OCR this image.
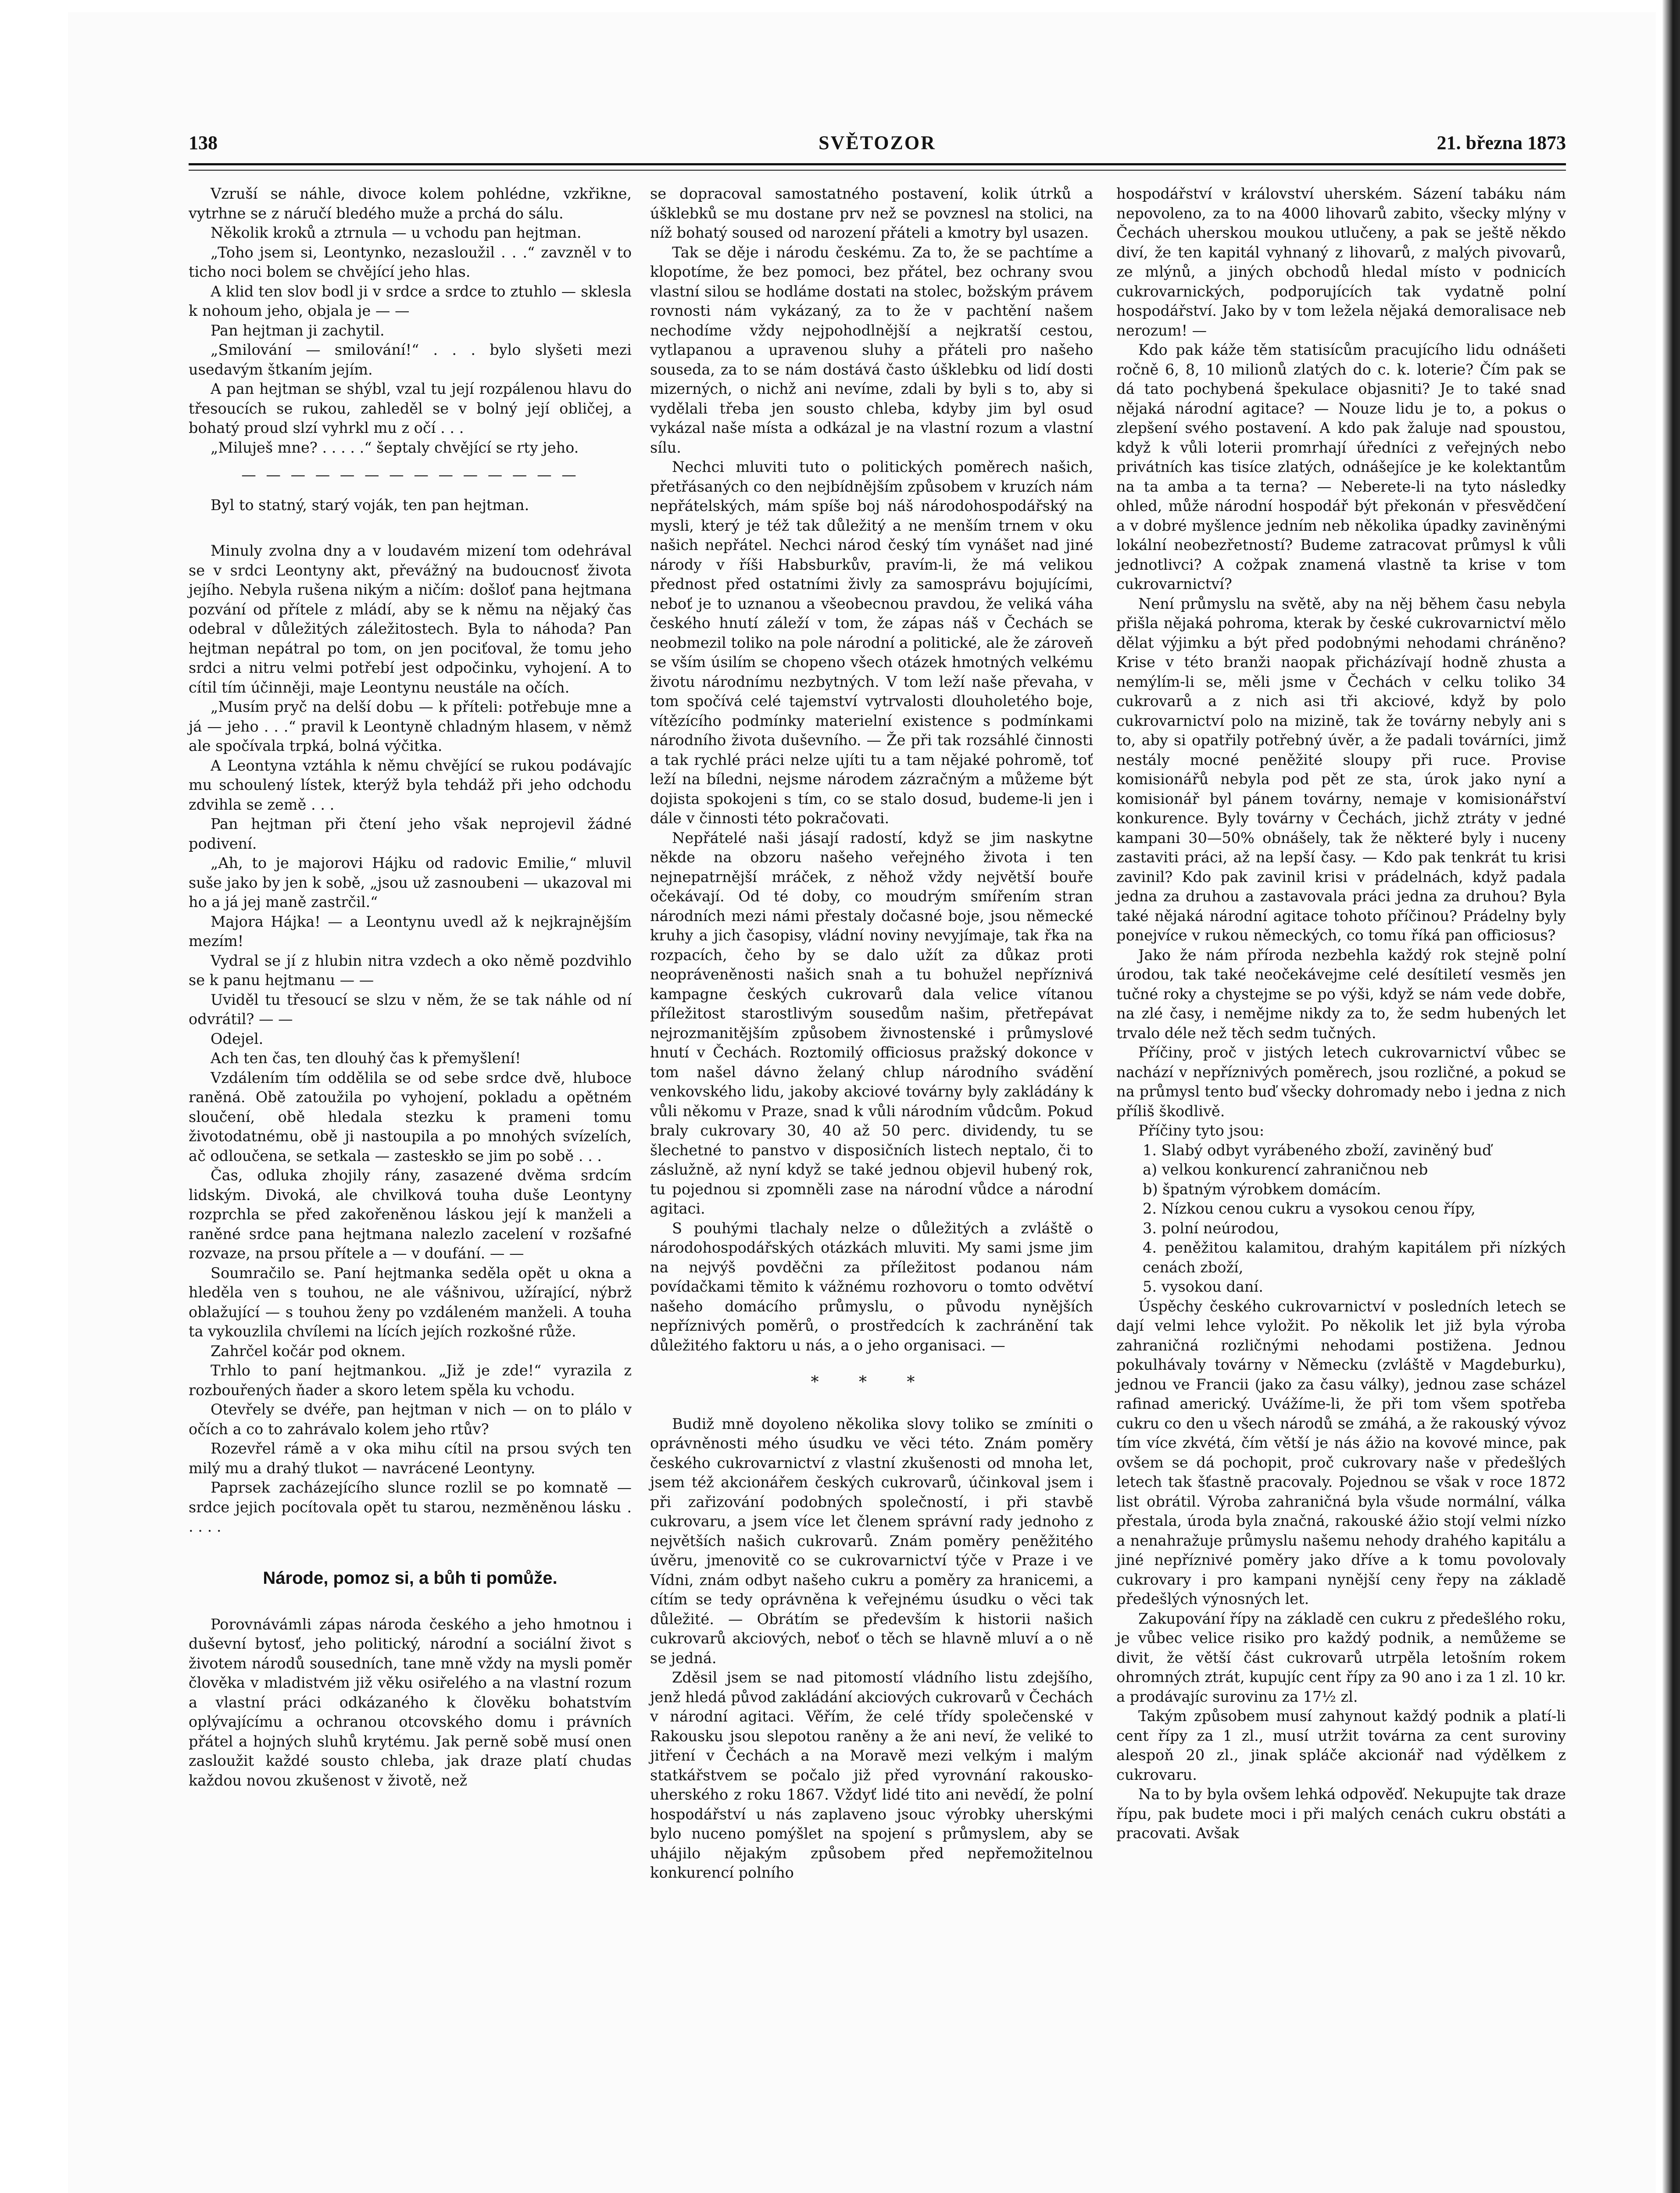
138	SVĚTOZOR	21. března 1873

Vzruší se náhle, divoce kolem pohlédne, vzkřikne, vytrhne se z náručí bledého muže a prchá do sálu.

Několik kroků a ztrnula — u vchodu pan hejtman.

„Toho jsem si, Leontynko, nezasloužil . . .“ zavzněl v to ticho noci bolem se chvějící jeho hlas.

A klid ten slov bodl ji v srdce a srdce to ztuhlo — sklesla k nohoum jeho, objala je — —

Pan hejtman ji zachytil.

„Smilování — smilování!“ . . . bylo slyšeti mezi usedavým štkaním jejím.

A pan hejtman se shýbl, vzal tu její rozpálenou hlavu do třesoucích se rukou, zahleděl se v bolný její obličej, a bohatý proud slzí vyhrkl mu z očí . . .

„Miluješ mne? . . . . .“ šeptaly chvějící se rty jeho.

— — — — — — — — — — — — — —

Byl to statný, starý voják, ten pan hejtman.

Minuly zvolna dny a v loudavém mizení tom odehrával se v srdci Leontyny akt, převážný na budoucnosť života jejího. Nebyla rušena nikým a ničím: došloť pana hejtmana pozvání od přítele z mládí, aby se k němu na nějaký čas odebral v důležitých záležitostech. Byla to náhoda? Pan hejtman nepátral po tom, on jen pociťoval, že tomu jeho srdci a nitru velmi potřebí jest odpočinku, vyhojení. A to cítil tím účinněji, maje Leontynu neustále na očích.

„Musím pryč na delší dobu — k příteli: potřebuje mne a já — jeho . . .“ pravil k Leontyně chladným hlasem, v němž ale spočívala trpká, bolná výčitka.

A Leontyna vztáhla k němu chvějící se rukou podávajíc mu schoulený lístek, kterýž byla tehdáž při jeho odchodu zdvihla se země . . .

Pan hejtman při čtení jeho však neprojevil žádné podivení.

„Ah, to je majorovi Hájku od radovic Emilie,“ mluvil suše jako by jen k sobě, „jsou už zasnoubeni — ukazoval mi ho a já jej maně zastrčil.“

Majora Hájka! — a Leontynu uvedl až k nejkrajnějším mezím!

Vydral se jí z hlubin nitra vzdech a oko němě pozdvihlo se k panu hejtmanu — —

Uviděl tu třesoucí se slzu v něm, že se tak náhle od ní odvrátil? — —

Odejel.

Ach ten čas, ten dlouhý čas k přemyšlení!

Vzdálením tím oddělila se od sebe srdce dvě, hluboce raněná. Obě zatoužila po vyhojení, pokladu a opětném sloučení, obě hledala stezku k prameni tomu životodatnému, obě ji nastoupila a po mnohých svízelích, ač odloučena, se setkala — zasteskło se jim po sobě . . .

Čas, odluka zhojily rány, zasazené dvěma srdcím lidským. Divoká, ale chvilková touha duše Leontyny rozprchla se před zakořeněnou láskou její k manželi a raněné srdce pana hejtmana nalezlo zacelení v rozšafné rozvaze, na prsou přítele a — v doufání. — —

Soumračilo se. Paní hejtmanka seděla opět u okna a hleděla ven s touhou, ne ale vášnivou, užírající, nýbrž oblažující — s touhou ženy po vzdáleném manželi. A touha ta vykouzlila chvílemi na lících jejích rozkošné růže.

Zahrčel kočár pod oknem.

Trhlo to paní hejtmankou. „Již je zde!“ vyrazila z rozbouřených ňader a skoro letem spěla ku vchodu.

Otevřely se dvéře, pan hejtman v nich — on to plálo v očích a co to zahrávalo kolem jeho rtův?

Rozevřel rámě a v oka mihu cítil na prsou svých ten milý mu a drahý tlukot — navrácené Leontyny.

Paprsek zacházejícího slunce rozlil se po komnatě — srdce jejich pocítovala opět tu starou, nezměněnou lásku . . . . .

Národe, pomoz si, a bůh ti pomůže.

Porovnávámli zápas národa českého a jeho hmotnou i duševní bytosť, jeho politický, národní a sociální život s životem národů sousedních, tane mně vždy na mysli poměr člověka v mladistvém již věku osiřelého a na vlastní rozum a vlastní práci odkázaného k člověku bohatstvím oplývajícímu a ochranou otcovského domu i právních přátel a hojných sluhů krytému. Jak perně sobě musí onen zasloužit každé sousto chleba, jak draze platí chudas každou novou zkušenost v životě, než

se dopracoval samostatného postavení, kolik útrků a úšklebků se mu dostane prv než se povznesl na stolici, na níž bohatý soused od narození přáteli a kmotry byl usazen.

Tak se děje i národu českému. Za to, že se pachtíme a klopotíme, že bez pomoci, bez přátel, bez ochrany svou vlastní silou se hodláme dostati na stolec, božským právem rovnosti nám vykázaný, za to že v pachtění našem nechodíme vždy nejpohodlnější a nejkratší cestou, vytlapanou a upravenou sluhy a přáteli pro našeho souseda, za to se nám dostává často úšklebku od lidí dosti mizerných, o nichž ani nevíme, zdali by byli s to, aby si vydělali třeba jen sousto chleba, kdyby jim byl osud vykázal naše místa a odkázal je na vlastní rozum a vlastní sílu.

Nechci mluviti tuto o politických poměrech našich, přetřásaných co den nejbídnějším způsobem v kruzích nám nepřátelských, mám spíše boj náš národohospodářský na mysli, který je též tak důležitý a ne menším trnem v oku našich nepřátel. Nechci národ český tím vynášet nad jiné národy v říši Habsburkův, pravím-li, že má velikou přednost před ostatními živly za samosprávu bojujícími, neboť je to uznanou a všeobecnou pravdou, že veliká váha českého hnutí záleží v tom, že zápas náš v Čechách se neobmezil toliko na pole národní a politické, ale že zároveň se vším úsilím se chopeno všech otázek hmotných velkému životu národnímu nezbytných. V tom leží naše převaha, v tom spočívá celé tajemství vytrvalosti dlouholetého boje, vítězícího podmínky materielní existence s podmínkami národního života duševního. — Že při tak rozsáhlé činnosti a tak rychlé práci nelze ujíti tu a tam nějaké pohromě, toť leží na bíledni, nejsme národem zázračným a můžeme být dojista spokojeni s tím, co se stalo dosud, budeme-li jen i dále v činnosti této pokračovati.

Nepřátelé naši jásají radostí, když se jim naskytne někde na obzoru našeho veřejného života i ten nejnepatrnější mráček, z něhož vždy největší bouře očekávají. Od té doby, co moudrým smířením stran národních mezi námi přestaly dočasné boje, jsou německé kruhy a jich časopisy, vládní noviny nevyjímaje, tak řka na rozpacích, čeho by se dalo užít za důkaz proti neopráveněnosti našich snah a tu bohužel nepříznivá kampagne českých cukrovarů dala velice vítanou příležitost starostlivým sousedům našim, přetřepávat nejrozmanitějším způsobem živnostenské i průmyslové hnutí v Čechách. Roztomilý officiosus pražský dokonce v tom našel dávno želaný chlup národního svádění venkovského lidu, jakoby akciové továrny byly zakládány k vůli někomu v Praze, snad k vůli národním vůdcům. Pokud braly cukrovary 30, 40 až 50 perc. dividendy, tu se šlechetné to panstvo v disposičních listech neptalo, či to záslužně, až nyní když se také jednou objevil hubený rok, tu pojednou si zpomněli zase na národní vůdce a národní agitaci.

S pouhými tlachaly nelze o důležitých a zvláště o národohospodářských otázkách mluviti. My sami jsme jim na nejvýš povděčni za příležitost podanou nám povídačkami těmito k vážnému rozhovoru o tomto odvětví našeho domácího průmyslu, o původu nynějších nepříznivých poměrů, o prostředcích k zachránění tak důležitého faktoru u nás, a o jeho organisaci. —

* * *

Budiž mně doyoleno několika slovy toliko se zmíniti o oprávněnosti mého úsudku ve věci této. Znám poměry českého cukrovarnictví z vlastní zkušenosti od mnoha let, jsem též akcionářem českých cukrovarů, účinkoval jsem i při zařizování podobných společností, i při stavbě cukrovaru, a jsem více let členem správní rady jednoho z největších našich cukrovarů. Znám poměry peněžitého úvěru, jmenovitě co se cukrovarnictví týče v Praze i ve Vídni, znám odbyt našeho cukru a poměry za hranicemi, a cítím se tedy oprávněna k veřejnému úsudku o věci tak důležité. — Obrátím se především k historii našich cukrovarů akciových, neboť o těch se hlavně mluví a o ně se jedná.

Zděsil jsem se nad pitomostí vládního listu zdejšího, jenž hledá původ zakládání akciových cukrovarů v Čechách v národní agitaci. Věřím, že celé třídy společenské v Rakousku jsou slepotou raněny a že ani neví, že veliké to jitření v Čechách a na Moravě mezi velkým i malým statkářstvem se počalo již před vyrovnání rakousko-uherského z roku 1867. Vždyť lidé tito ani nevědí, že polní hospodářství u nás zaplaveno jsouc výrobky uherskými bylo nuceno pomýšlet na spojení s průmyslem, aby se uhájilo nějakým způsobem před nepřemožitelnou konkurencí polního

hospodářství v království uherském. Sázení tabáku nám nepovoleno, za to na 4000 lihovarů zabito, všecky mlýny v Čechách uherskou moukou utlučeny, a pak se ještě někdo diví, že ten kapitál vyhnaný z lihovarů, z malých pivovarů, ze mlýnů, a jiných obchodů hledal místo v podnicích cukrovarnických, podporujících tak vydatně polní hospodářství. Jako by v tom ležela nějaká demoralisace neb nerozum! —

Kdo pak káže těm statisícům pracujícího lidu odnášeti ročně 6, 8, 10 milionů zlatých do c. k. loterie? Čím pak se dá tato pochybená špekulace objasniti? Je to také snad nějaká národní agitace? — Nouze lidu je to, a pokus o zlepšení svého postavení. A kdo pak žaluje nad spoustou, když k vůli loterii promrhají úředníci z veřejných nebo privátních kas tisíce zlatých, odnášejíce je ke kolektantům na ta amba a ta terna? — Neberete-li na tyto následky ohled, může národní hospodář být překonán v přesvědčení a v dobré myšlence jedním neb několika úpadky zaviněnými lokální neobezřetností? Budeme zatracovat průmysl k vůli jednotlivci? A cožpak znamená vlastně ta krise v tom cukrovarnictví?

Není průmyslu na světě, aby na něj během času nebyla přišla nějaká pohroma, kterak by české cukrovarnictví mělo dělat výjimku a být před podobnými nehodami chráněno? Krise v této branži naopak přicházívají hodně zhusta a nemýlím-li se, měli jsme v Čechách v celku toliko 34 cukrovarů a z nich asi tři akciové, když by polo cukrovarnictví polo na mizině, tak že továrny nebyly ani s to, aby si opatřily potřebný úvěr, a že padali továrníci, jimž nestály mocné peněžité sloupy při ruce. Provise komisionářů nebyla pod pět ze sta, úrok jako nyní a komisionář byl pánem továrny, nemaje v komisionářství konkurence. Byly továrny v Čechách, jichž ztráty v jedné kampani 30—50% obnášely, tak že některé byly i nuceny zastaviti práci, až na lepší časy. — Kdo pak tenkrát tu krisi zavinil? Kdo pak zavinil krisi v prádelnách, když padala jedna za druhou a zastavovala práci jedna za druhou? Byla také nějaká národní agitace tohoto příčinou? Prádelny byly ponejvíce v rukou německých, co tomu říká pan officiosus?

Jako že nám příroda nezbehla každý rok stejně polní úrodou, tak také neočekávejme celé desítiletí vesměs jen tučné roky a chystejme se po výši, když se nám vede dobře, na zlé časy, i nemějme nikdy za to, že sedm hubených let trvalo déle než těch sedm tučných.

Příčiny, proč v jistých letech cukrovarnictví vůbec se nachází v nepříznivých poměrech, jsou rozličné, a pokud se na průmysl tento buď všecky dohromady nebo i jedna z nich příliš škodlivě.

Příčiny tyto jsou:

1. Slabý odbyt vyrábeného zboží, zaviněný buď

a) velkou konkurencí zahraničnou neb

b) špatným výrobkem domácím.

2. Nízkou cenou cukru a vysokou cenou řípy,

3. polní neúrodou,

4. peněžitou kalamitou, drahým kapitálem při nízkých cenách zboží,

5. vysokou daní.

Úspěchy českého cukrovarnictví v posledních letech se dají velmi lehce vyložit. Po několik let již byla výroba zahraničná rozličnými nehodami postižena. Jednou pokulhávaly továrny v Německu (zvláště v Magdeburku), jednou ve Francii (jako za času války), jednou zase scházel rafinad americký. Uvážíme-li, že při tom všem spotřeba cukru co den u všech národů se zmáhá, a že rakouský vývoz tím více zkvétá, čím větší je nás ážio na kovové mince, pak ovšem se dá pochopit, proč cukrovary naše v předešlých letech tak šťastně pracovaly. Pojednou se však v roce 1872 list obrátil. Výroba zahraničná byla všude normální, válka přestala, úroda byla značná, rakouské ážio stojí velmi nízko a nenahražuje průmyslu našemu nehody drahého kapitálu a jiné nepříznivé poměry jako dříve a k tomu povolovaly cukrovary i pro kampani nynější ceny řepy na základě předešlých výnosných let.

Zakupování řípy na základě cen cukru z předešlého roku, je vůbec velice risiko pro každý podnik, a nemůžeme se divit, že větší část cukrovarů utrpěla letošním rokem ohromných ztrát, kupujíc cent řípy za 90 ano i za 1 zl. 10 kr. a prodávajíc surovinu za 17½ zl.

Takým způsobem musí zahynout každý podnik a platí-li cent řípy za 1 zl., musí utržit továrna za cent suroviny alespoň 20 zl., jinak spláče akcionář nad výdělkem z cukrovaru.

Na to by byla ovšem lehká odpověď. Nekupujte tak draze řípu, pak budete moci i při malých cenách cukru obstáti a pracovati. Avšak
